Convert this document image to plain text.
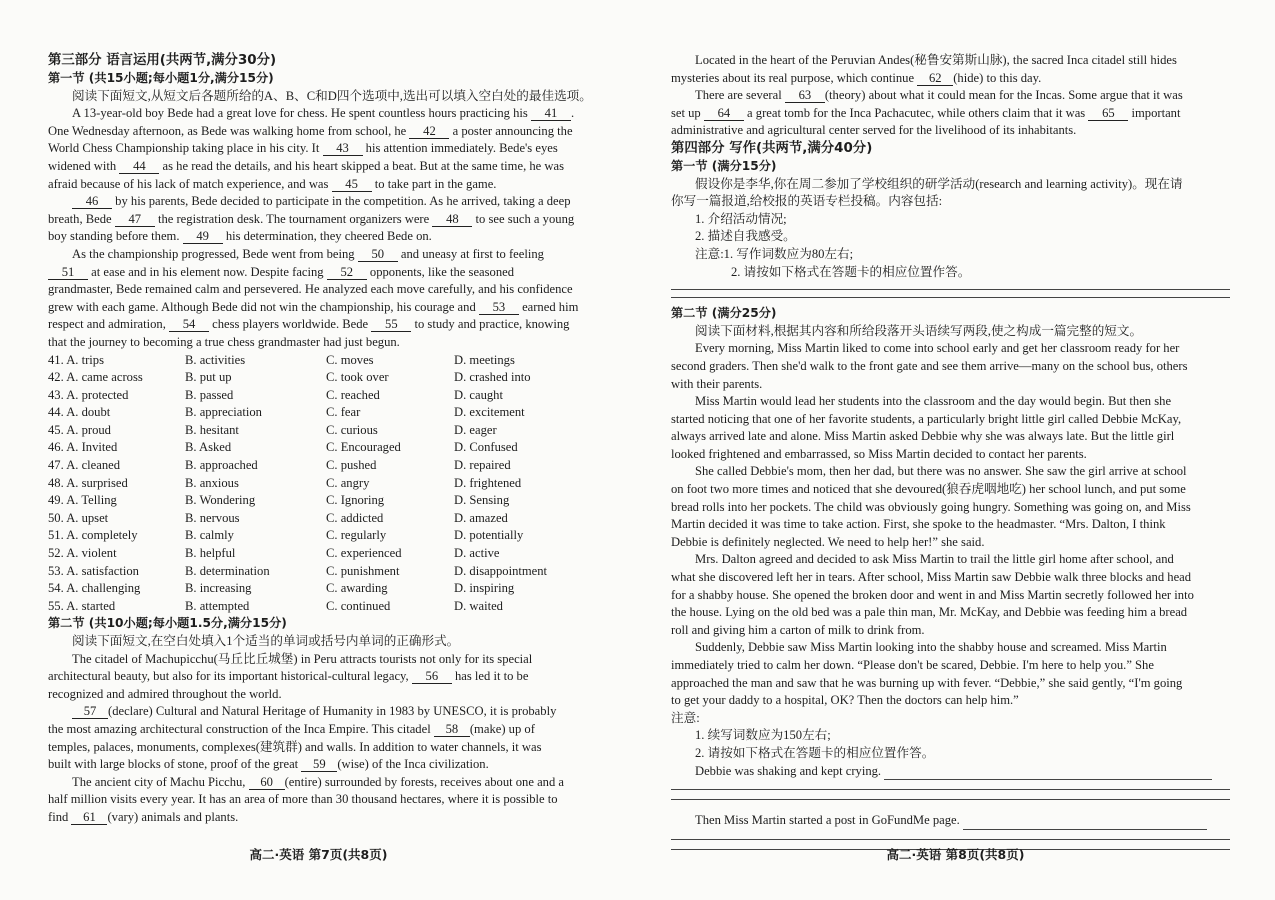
第三部分 语言运用(共两节,满分30分)
第一节 (共15小题;每小题1分,满分15分)
阅读下面短文,从短文后各题所给的A、B、C和D四个选项中,选出可以填入空白处的最佳选项。
A 13-year-old boy Bede had a great love for chess. He spent countless hours practicing his 41 .
One Wednesday afternoon, as Bede was walking home from school, he 42 a poster announcing the
World Chess Championship taking place in his city. It 43 his attention immediately. Bede's eyes
widened with 44 as he read the details, and his heart skipped a beat. But at the same time, he was
afraid because of his lack of match experience, and was 45 to take part in the game.
46 by his parents, Bede decided to participate in the competition. As he arrived, taking a deep
breath, Bede 47 the registration desk. The tournament organizers were 48 to see such a young
boy standing before them. 49 his determination, they cheered Bede on.
As the championship progressed, Bede went from being 50 and uneasy at first to feeling
51 at ease and in his element now. Despite facing 52 opponents, like the seasoned
grandmaster, Bede remained calm and persevered. He analyzed each move carefully, and his confidence
grew with each game. Although Bede did not win the championship, his courage and 53 earned him
respect and admiration, 54 chess players worldwide. Bede 55 to study and practice, knowing
that the journey to becoming a true chess grandmaster had just begun.
41. A. trips	B. activities	C. moves	D. meetings
42. A. came across	B. put up	C. took over	D. crashed into
43. A. protected	B. passed	C. reached	D. caught
44. A. doubt	B. appreciation	C. fear	D. excitement
45. A. proud	B. hesitant	C. curious	D. eager
46. A. Invited	B. Asked	C. Encouraged	D. Confused
47. A. cleaned	B. approached	C. pushed	D. repaired
48. A. surprised	B. anxious	C. angry	D. frightened
49. A. Telling	B. Wondering	C. Ignoring	D. Sensing
50. A. upset	B. nervous	C. addicted	D. amazed
51. A. completely	B. calmly	C. regularly	D. potentially
52. A. violent	B. helpful	C. experienced	D. active
53. A. satisfaction	B. determination	C. punishment	D. disappointment
54. A. challenging	B. increasing	C. awarding	D. inspiring
55. A. started	B. attempted	C. continued	D. waited
第二节 (共10小题;每小题1.5分,满分15分)
阅读下面短文,在空白处填入1个适当的单词或括号内单词的正确形式。
The citadel of Machupicchu(马丘比丘城堡) in Peru attracts tourists not only for its special
architectural beauty, but also for its important historical-cultural legacy, 56 has led it to be
recognized and admired throughout the world.
57 (declare) Cultural and Natural Heritage of Humanity in 1983 by UNESCO, it is probably
the most amazing architectural construction of the Inca Empire. This citadel 58 (make) up of
temples, palaces, monuments, complexes(建筑群) and walls. In addition to water channels, it was
built with large blocks of stone, proof of the great 59 (wise) of the Inca civilization.
The ancient city of Machu Picchu, 60 (entire) surrounded by forests, receives about one and a
half million visits every year. It has an area of more than 30 thousand hectares, where it is possible to
find 61 (vary) animals and plants.
高二·英语 第7页(共8页)
Located in the heart of the Peruvian Andes(秘鲁安第斯山脉), the sacred Inca citadel still hides
mysteries about its real purpose, which continue 62 (hide) to this day.
There are several 63 (theory) about what it could mean for the Incas. Some argue that it was
set up 64 a great tomb for the Inca Pachacutec, while others claim that it was 65 important
administrative and agricultural center served for the livelihood of its inhabitants.
第四部分 写作(共两节,满分40分)
第一节 (满分15分)
假设你是李华,你在周二参加了学校组织的研学活动(research and learning activity)。现在请
你写一篇报道,给校报的英语专栏投稿。内容包括:
1. 介绍活动情况;
2. 描述自我感受。
注意:1. 写作词数应为80左右;
2. 请按如下格式在答题卡的相应位置作答。
第二节 (满分25分)
阅读下面材料,根据其内容和所给段落开头语续写两段,使之构成一篇完整的短文。
Every morning, Miss Martin liked to come into school early and get her classroom ready for her
second graders. Then she'd walk to the front gate and see them arrive—many on the school bus, others
with their parents.
Miss Martin would lead her students into the classroom and the day would begin. But then she
started noticing that one of her favorite students, a particularly bright little girl called Debbie McKay,
always arrived late and alone. Miss Martin asked Debbie why she was always late. But the little girl
looked frightened and embarrassed, so Miss Martin decided to contact her parents.
She called Debbie's mom, then her dad, but there was no answer. She saw the girl arrive at school
on foot two more times and noticed that she devoured(狼吞虎咽地吃) her school lunch, and put some
bread rolls into her pockets. The child was obviously going hungry. Something was going on, and Miss
Martin decided it was time to take action. First, she spoke to the headmaster. “Mrs. Dalton, I think
Debbie is definitely neglected. We need to help her!” she said.
Mrs. Dalton agreed and decided to ask Miss Martin to trail the little girl home after school, and
what she discovered left her in tears. After school, Miss Martin saw Debbie walk three blocks and head
for a shabby house. She opened the broken door and went in and Miss Martin secretly followed her into
the house. Lying on the old bed was a pale thin man, Mr. McKay, and Debbie was feeding him a bread
roll and giving him a carton of milk to drink from.
Suddenly, Debbie saw Miss Martin looking into the shabby house and screamed. Miss Martin
immediately tried to calm her down. “Please don't be scared, Debbie. I'm here to help you.” She
approached the man and saw that he was burning up with fever. “Debbie,” she said gently, “I'm going
to get your daddy to a hospital, OK? Then the doctors can help him.”
注意:
1. 续写词数应为150左右;
2. 请按如下格式在答题卡的相应位置作答。
Debbie was shaking and kept crying.
Then Miss Martin started a post in GoFundMe page.
高二·英语 第8页(共8页)
